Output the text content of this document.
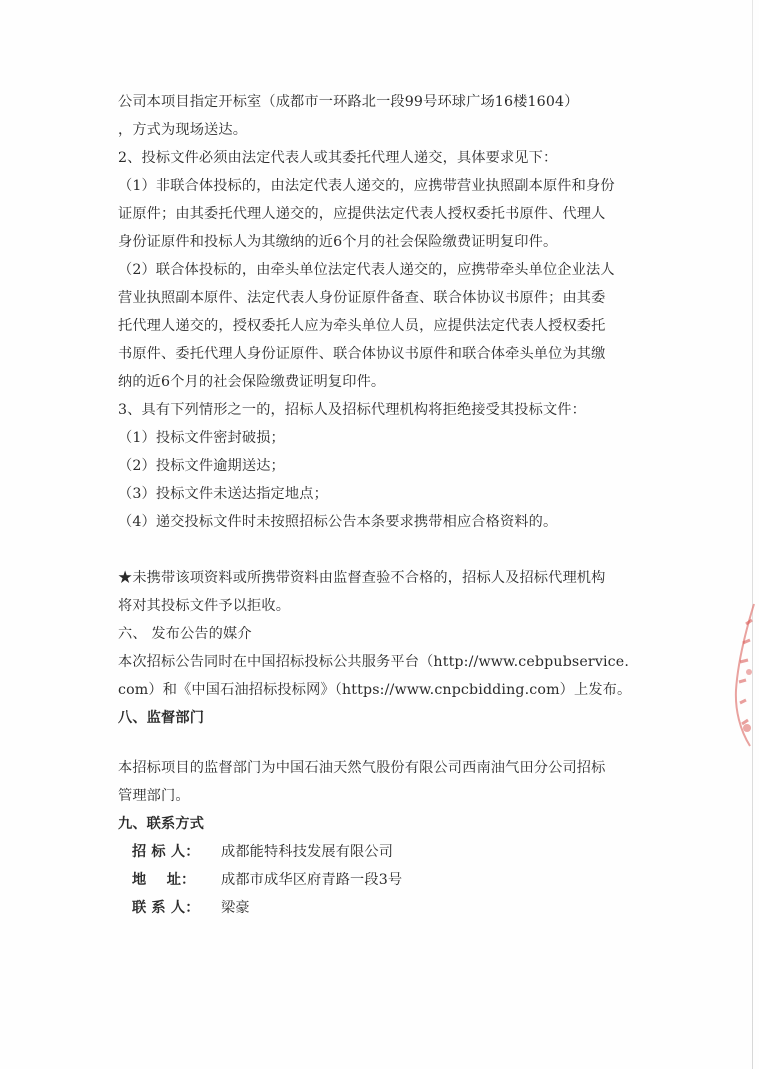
公司本项目指定开标室（成都市一环路北一段99号环球广场16楼1604）
，方式为现场送达。
2、投标文件必须由法定代表人或其委托代理人递交，具体要求见下：
（1）非联合体投标的，由法定代表人递交的，应携带营业执照副本原件和身份
证原件；由其委托代理人递交的，应提供法定代表人授权委托书原件、代理人
身份证原件和投标人为其缴纳的近6个月的社会保险缴费证明复印件。
（2）联合体投标的，由牵头单位法定代表人递交的，应携带牵头单位企业法人
营业执照副本原件、法定代表人身份证原件备查、联合体协议书原件；由其委
托代理人递交的，授权委托人应为牵头单位人员，应提供法定代表人授权委托
书原件、委托代理人身份证原件、联合体协议书原件和联合体牵头单位为其缴
纳的近6个月的社会保险缴费证明复印件。
3、具有下列情形之一的，招标人及招标代理机构将拒绝接受其投标文件：
（1）投标文件密封破损；
（2）投标文件逾期送达；
（3）投标文件未送达指定地点；
（4）递交投标文件时未按照招标公告本条要求携带相应合格资料的。
★未携带该项资料或所携带资料由监督查验不合格的，招标人及招标代理机构
将对其投标文件予以拒收。
六、 发布公告的媒介
本次招标公告同时在中国招标投标公共服务平台（http://www.cebpubservice.
com）和《中国石油招标投标网》（https://www.cnpcbidding.com）上发布。
八、监督部门
本招标项目的监督部门为中国石油天然气股份有限公司西南油气田分公司招标
管理部门。
九、联系方式
招 标 人： 成都能特科技发展有限公司
地    址： 成都市成华区府青路一段3号
联 系 人： 梁豪
